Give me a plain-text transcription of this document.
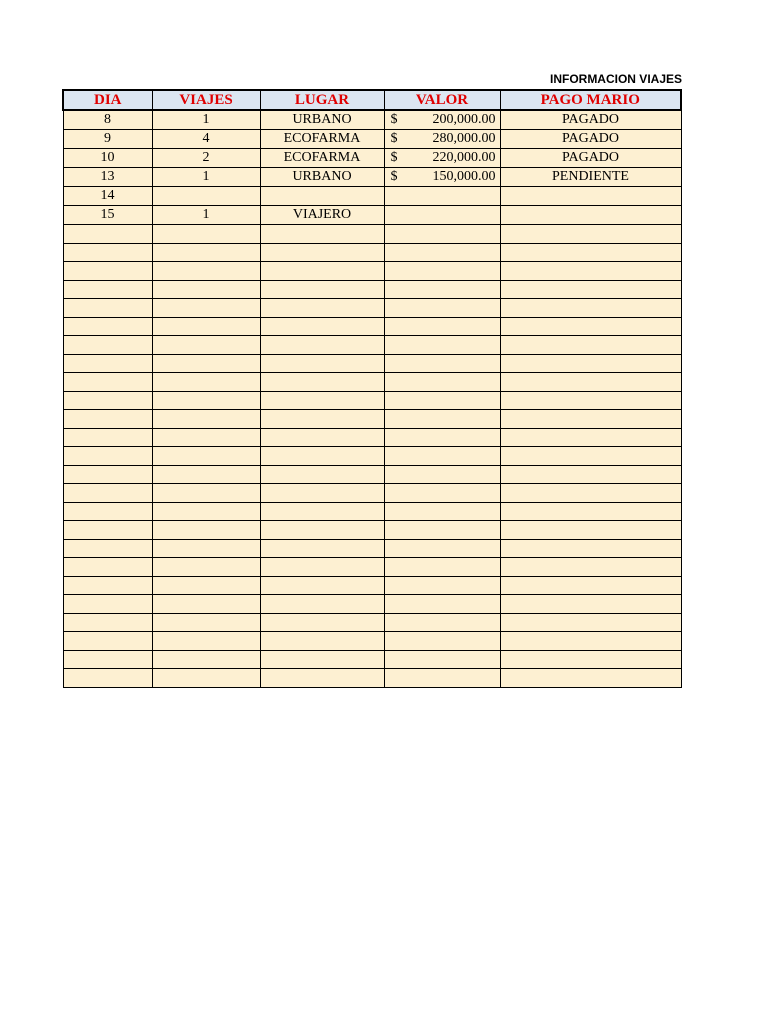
INFORMACION VIAJES
DIA	VIAJES	LUGAR	VALOR	PAGO MARIO
8	1	URBANO	$ 200,000.00	PAGADO
9	4	ECOFARMA	$ 280,000.00	PAGADO
10	2	ECOFARMA	$ 220,000.00	PAGADO
13	1	URBANO	$ 150,000.00	PENDIENTE
14				
15	1	VIAJERO		
